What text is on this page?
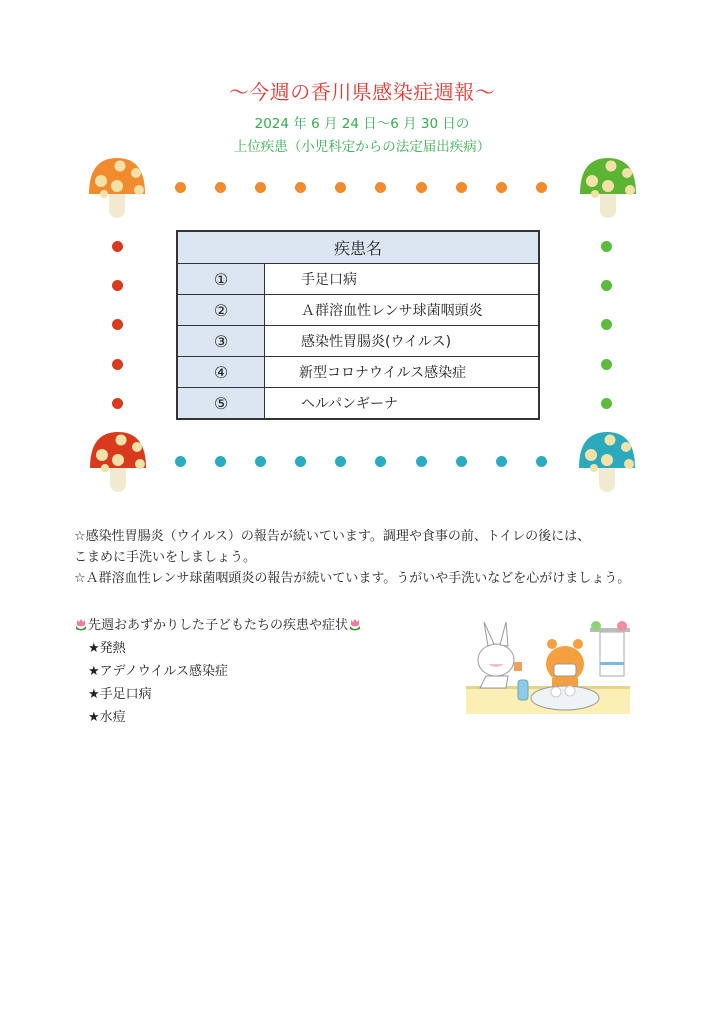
～今週の香川県感染症週報～
2024 年 6 月 24 日～6 月 30 日の
上位疾患（小児科定からの法定届出疾病）
疾患名	
①	手足口病
②	Ａ群溶血性レンサ球菌咽頭炎
③	感染性胃腸炎(ウイルス)
④	新型コロナウイルス感染症
⑤	ヘルパンギーナ
☆感染性胃腸炎（ウイルス）の報告が続いています。調理や食事の前、トイレの後には、
こまめに手洗いをしましょう。
☆Ａ群溶血性レンサ球菌咽頭炎の報告が続いています。うがいや手洗いなどを心がけましょう。
先週おあずかりした子どもたちの疾患や症状
★発熱
★アデノウイルス感染症
★手足口病
★水痘
